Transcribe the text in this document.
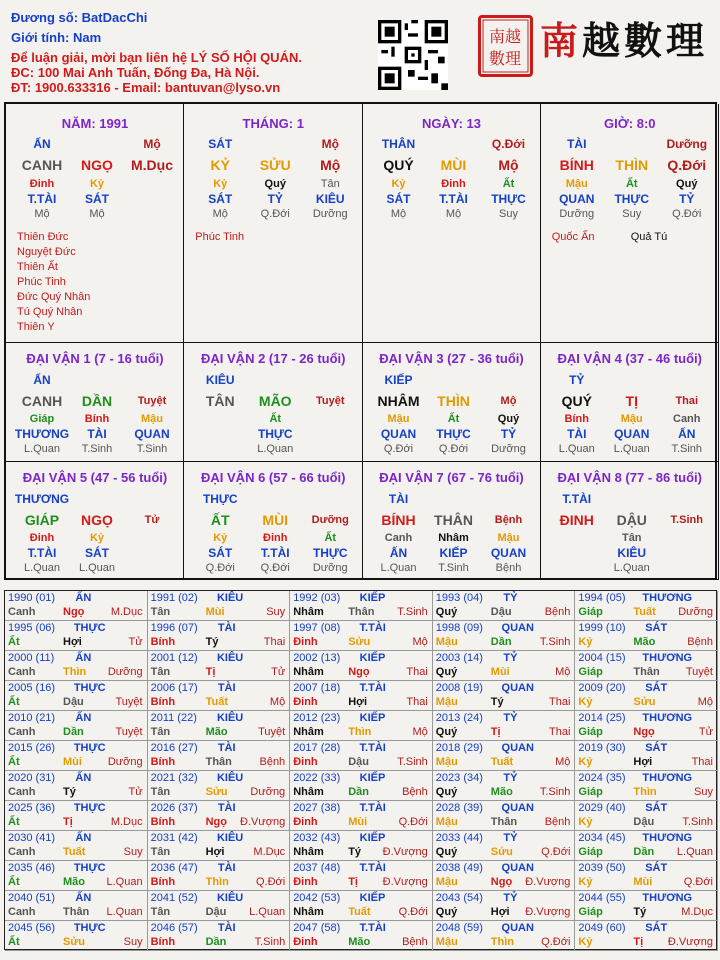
Đương số: BatDacChi
Giới tính: Nam
Để luận giải, mời bạn liên hệ LÝ SỐ HỘI QUÁN.
ĐC: 100 Mai Anh Tuấn, Đống Đa, Hà Nội.
ĐT: 1900.633316 - Email: bantuvan@lyso.vn
南越
數理 南越數理
NĂM: 1991
ẤN	Mộ
CANH NGỌ M.Dục
Đinh	Kỷ
T.TÀI SÁT
Mộ	Mộ
Thiên Đức
Nguyệt Đức
Thiên Ất
Phúc Tinh
Đức Quý Nhân
Tú Quý Nhân
Thiên Y
THÁNG: 1
SÁT	Mộ
KỶ SỬU Mộ
Kỷ	Quý	Tân
SÁT	TỶ	KIÊU
Mộ	Q.Đới Dưỡng
Phúc Tinh
NGÀY: 13
THÂN	Q.Đới
QUÝ MÙI Mộ
Kỷ	Đinh	Ất
SÁT T.TÀI THỰC
Mộ	Mộ	Suy
GIỜ: 8:0
TÀI	Dưỡng
BÍNH THÌN Q.Đới
Mậu	Ất	Quý
QUAN THỰC	TỶ
Dưỡng	Suy	Q.Đới
Quốc Ấn	Quả Tú
ĐẠI VẬN 1 (7 - 16 tuổi)
ẤN
CANH DẦN Tuyệt
Giáp	Bính	Mậu
THƯƠNG TÀI QUAN
L.Quan T.Sinh T.Sinh
ĐẠI VẬN 2 (17 - 26 tuổi)
KIÊU
TÂN MÃO Tuyệt
Ất
THỰC
L.Quan
ĐẠI VẬN 3 (27 - 36 tuổi)
KIẾP
NHÂM THÌN	Mộ
Mậu	Ất	Quý
QUAN THỰC	TỶ
Q.Đới Q.Đới Dưỡng
ĐẠI VẬN 4 (37 - 46 tuổi)
TỶ
QUÝ TỊ	Thai
Bính	Mậu	Canh
TÀI QUAN ẤN
L.Quan L.Quan T.Sinh
ĐẠI VẬN 5 (47 - 56 tuổi)
THƯƠNG
GIÁP NGỌ	Tử
Đinh	Kỷ
T.TÀI SÁT
L.Quan L.Quan
ĐẠI VẬN 6 (57 - 66 tuổi)
THỰC
ẤT MÙI Dưỡng
Kỷ	Đinh	Ất
SÁT T.TÀI THỰC
Q.Đới Q.Đới Dưỡng
ĐẠI VẬN 7 (67 - 76 tuổi)
TÀI
BÍNH THÂN Bệnh
Canh Nhâm	Mậu
ẤN	KIẾP QUAN
L.Quan T.Sinh Bệnh
ĐẠI VẬN 8 (77 - 86 tuổi)
T.TÀI
ĐINH DẬU T.Sinh
Tân
KIÊU
L.Quan
1990 (01) ẤN
Canh	Ngọ M.Dục
1991 (02) KIÊU
Tân	Mùi	Suy
1992 (03) KIẾP
Nhâm Thân T.Sinh
1993 (04) TỶ
Quý	Dậu	Bệnh
1994 (05) THƯƠNG
Giáp	Tuất Dưỡng
1995 (06) THỰC
Ất	Hợi	Tử
1996 (07) TÀI
Bính	Tý	Thai
1997 (08) T.TÀI
Đinh	Sửu	Mộ
1998 (09) QUAN
Mậu	Dần	T.Sinh
1999 (10) SÁT
Kỷ	Mão	Bệnh
2000 (11) ẤN
Canh	Thìn Dưỡng
2001 (12) KIÊU
Tân	Tị	Tử
2002 (13) KIẾP
Nhâm Ngọ	Thai
2003 (14) TỶ
Quý	Mùi	Mộ
2004 (15) THƯƠNG
Giáp	Thân Tuyệt
2005 (16) THỰC
Ất	Dậu	Tuyệt
2006 (17) TÀI
Bính	Tuất	Mộ
2007 (18) T.TÀI
Đinh	Hợi	Thai
2008 (19) QUAN
Mậu	Tý	Thai
2009 (20) SÁT
Kỷ	Sửu	Mộ
2010 (21) ẤN
Canh	Dần	Tuyệt
2011 (22) KIÊU
Tân	Mão	Tuyệt
2012 (23) KIẾP
Nhâm Thìn	Mộ
2013 (24) TỶ
Quý	Tị	Thai
2014 (25) THƯƠNG
Giáp	Ngọ	Tử
2015 (26) THỰC
Ất	Mùi Dưỡng
2016 (27) TÀI
Bính	Thân	Bệnh
2017 (28) T.TÀI
Đinh	Dậu	T.Sinh
2018 (29) QUAN
Mậu	Tuất	Mộ
2019 (30) SÁT
Kỷ	Hợi	Thai
2020 (31) ẤN
Canh	Tý	Tử
2021 (32) KIÊU
Tân	Sửu Dưỡng
2022 (33) KIẾP
Nhâm Dần	Bệnh
2023 (34) TỶ
Quý	Mão T.Sinh
2024 (35) THƯƠNG
Giáp	Thìn	Suy
2025 (36) THỰC
Ất	Tị	M.Dục
2026 (37) TÀI
Bính	Ngọ Đ.Vượng
2027 (38) T.TÀI
Đinh	Mùi	Q.Đới
2028 (39) QUAN
Mậu	Thân	Bệnh
2029 (40) SÁT
Kỷ	Dậu	T.Sinh
2030 (41) ẤN
Canh	Tuất	Suy
2031 (42) KIÊU
Tân	Hợi	M.Dục
2032 (43) KIẾP
Nhâm Tý Đ.Vượng
2033 (44) TỶ
Quý	Sửu	Q.Đới
2034 (45) THƯƠNG
Giáp	Dần L.Quan
2035 (46) THỰC
Ất	Mão L.Quan
2036 (47) TÀI
Bính	Thìn Q.Đới
2037 (48) T.TÀI
Đinh	Tị Đ.Vượng
2038 (49) QUAN
Mậu	Ngọ Đ.Vượng
2039 (50) SÁT
Kỷ	Mùi	Q.Đới
2040 (51) ẤN
Canh	Thân L.Quan
2041 (52) KIÊU
Tân	Dậu L.Quan
2042 (53) KIẾP
Nhâm Tuất	Q.Đới
2043 (54) TỶ
Quý	Hợi Đ.Vượng
2044 (55) THƯƠNG
Giáp	Tý	M.Dục
2045 (56) THỰC
Ất	Sửu	Suy
2046 (57) TÀI
Bính	Dần	T.Sinh
2047 (58) T.TÀI
Đinh	Mão	Bệnh
2048 (59) QUAN
Mậu	Thìn Q.Đới
2049 (60) SÁT
Kỷ	Tị Đ.Vượng
